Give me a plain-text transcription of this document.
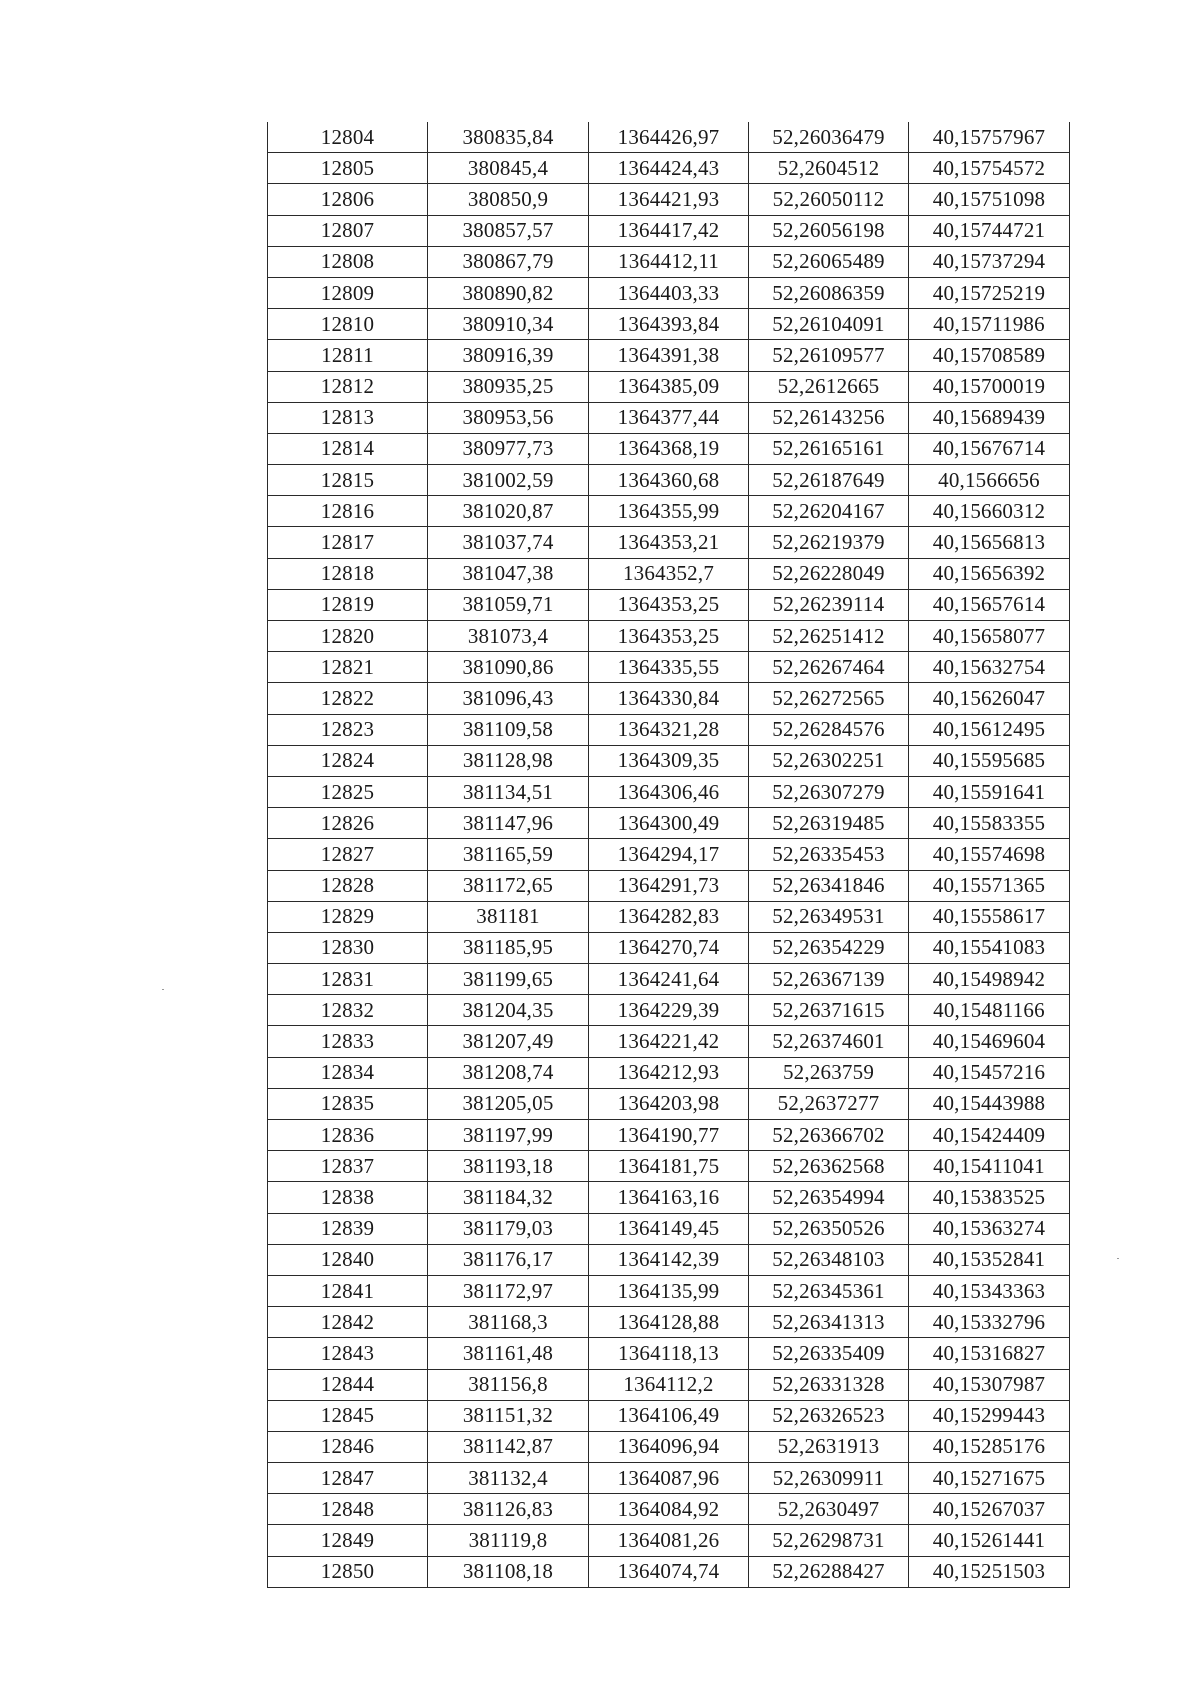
12804	380835,84	1364426,97	52,26036479	40,15757967
12805	380845,4	1364424,43	52,2604512	40,15754572
12806	380850,9	1364421,93	52,26050112	40,15751098
12807	380857,57	1364417,42	52,26056198	40,15744721
12808	380867,79	1364412,11	52,26065489	40,15737294
12809	380890,82	1364403,33	52,26086359	40,15725219
12810	380910,34	1364393,84	52,26104091	40,15711986
12811	380916,39	1364391,38	52,26109577	40,15708589
12812	380935,25	1364385,09	52,2612665	40,15700019
12813	380953,56	1364377,44	52,26143256	40,15689439
12814	380977,73	1364368,19	52,26165161	40,15676714
12815	381002,59	1364360,68	52,26187649	40,1566656
12816	381020,87	1364355,99	52,26204167	40,15660312
12817	381037,74	1364353,21	52,26219379	40,15656813
12818	381047,38	1364352,7	52,26228049	40,15656392
12819	381059,71	1364353,25	52,26239114	40,15657614
12820	381073,4	1364353,25	52,26251412	40,15658077
12821	381090,86	1364335,55	52,26267464	40,15632754
12822	381096,43	1364330,84	52,26272565	40,15626047
12823	381109,58	1364321,28	52,26284576	40,15612495
12824	381128,98	1364309,35	52,26302251	40,15595685
12825	381134,51	1364306,46	52,26307279	40,15591641
12826	381147,96	1364300,49	52,26319485	40,15583355
12827	381165,59	1364294,17	52,26335453	40,15574698
12828	381172,65	1364291,73	52,26341846	40,15571365
12829	381181	1364282,83	52,26349531	40,15558617
12830	381185,95	1364270,74	52,26354229	40,15541083
12831	381199,65	1364241,64	52,26367139	40,15498942
12832	381204,35	1364229,39	52,26371615	40,15481166
12833	381207,49	1364221,42	52,26374601	40,15469604
12834	381208,74	1364212,93	52,263759	40,15457216
12835	381205,05	1364203,98	52,2637277	40,15443988
12836	381197,99	1364190,77	52,26366702	40,15424409
12837	381193,18	1364181,75	52,26362568	40,15411041
12838	381184,32	1364163,16	52,26354994	40,15383525
12839	381179,03	1364149,45	52,26350526	40,15363274
12840	381176,17	1364142,39	52,26348103	40,15352841
12841	381172,97	1364135,99	52,26345361	40,15343363
12842	381168,3	1364128,88	52,26341313	40,15332796
12843	381161,48	1364118,13	52,26335409	40,15316827
12844	381156,8	1364112,2	52,26331328	40,15307987
12845	381151,32	1364106,49	52,26326523	40,15299443
12846	381142,87	1364096,94	52,2631913	40,15285176
12847	381132,4	1364087,96	52,26309911	40,15271675
12848	381126,83	1364084,92	52,2630497	40,15267037
12849	381119,8	1364081,26	52,26298731	40,15261441
12850	381108,18	1364074,74	52,26288427	40,15251503
